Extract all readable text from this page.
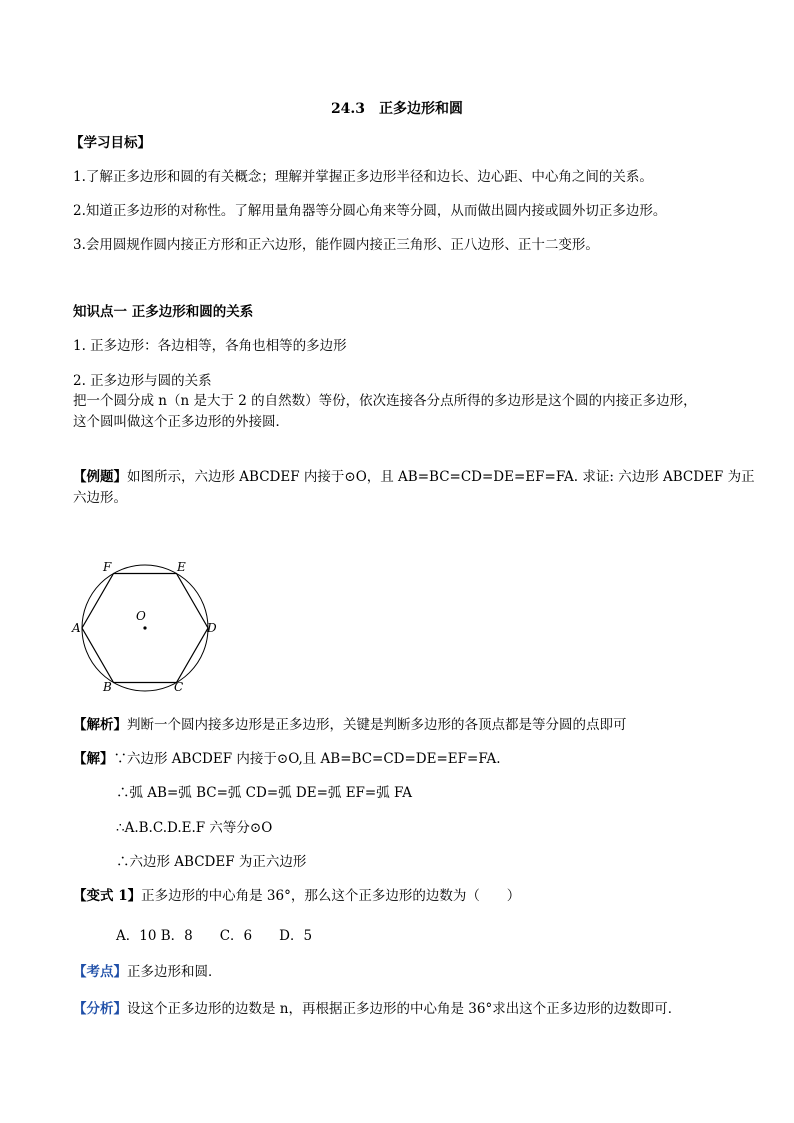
24.3　正多边形和圆
【学习目标】
1.了解正多边形和圆的有关概念；理解并掌握正多边形半径和边长、边心距、中心角之间的关系。
2.知道正多边形的对称性。了解用量角器等分圆心角来等分圆，从而做出圆内接或圆外切正多边形。
3.会用圆规作圆内接正方形和正六边形，能作圆内接正三角形、正八边形、正十二变形。
知识点一 正多边形和圆的关系
1. 正多边形：各边相等，各角也相等的多边形
2. 正多边形与圆的关系
把一个圆分成 n（n 是大于 2 的自然数）等份，依次连接各分点所得的多边形是这个圆的内接正多边形，
这个圆叫做这个正多边形的外接圆．
【例题】如图所示，六边形 ABCDEF 内接于⊙O，且 AB=BC=CD=DE=EF=FA. 求证: 六边形 ABCDEF 为正
六边形。
O
A
B	C
D
E
F
【解析】判断一个圆内接多边形是正多边形，关键是判断多边形的各顶点都是等分圆的点即可
【解】∵六边形 ABCDEF 内接于⊙O,且 AB=BC=CD=DE=EF=FA.
∴弧 AB=弧 BC=弧 CD=弧 DE=弧 EF=弧 FA
∴A.B.C.D.E.F 六等分⊙O
∴六边形 ABCDEF 为正六边形
【变式 1】正多边形的中心角是 36°，那么这个正多边形的边数为（　　）
A．10 B．8　　C．6　　D．5
【考点】正多边形和圆．
【分析】设这个正多边形的边数是 n，再根据正多边形的中心角是 36°求出这个正多边形的边数即可．
